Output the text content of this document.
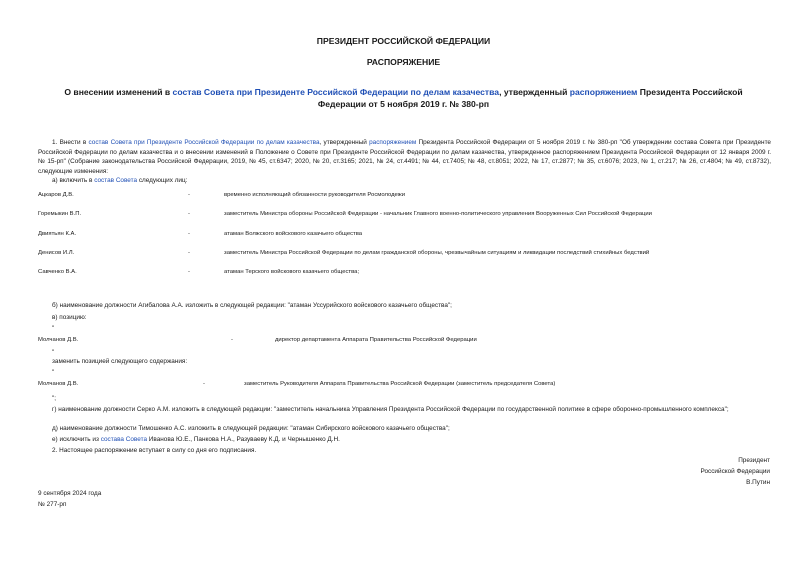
ПРЕЗИДЕНТ РОССИЙСКОЙ ФЕДЕРАЦИИ
РАСПОРЯЖЕНИЕ
О внесении изменений в состав Совета при Президенте Российской Федерации по делам казачества, утвержденный распоряжением Президента Российской Федерации от 5 ноября 2019 г. № 380-рп
1. Внести в состав Совета при Президенте Российской Федерации по делам казачества, утвержденный распоряжением Президента Российской Федерации от 5 ноября 2019 г. № 380-рп "Об утверждении состава Совета при Президенте Российской Федерации по делам казачества и о внесении изменений в Положение о Совете при Президенте Российской Федерации по делам казачества, утвержденное распоряжением Президента Российской Федерации от 12 января 2009 г. № 15-рп" (Собрание законодательства Российской Федерации, 2019, № 45, ст.6347; 2020, № 20, ст.3165; 2021, № 24, ст.4491; № 44, ст.7405; № 48, ст.8051; 2022, № 17, ст.2877; № 35, ст.6076; 2023, № 1, ст.217; № 26, ст.4804; № 49, ст.8732), следующие изменения:
а) включить в состав Совета следующих лиц:
Ацкаров Д.В.	-	временно исполняющий обязанности руководителя Росмолодежи
Горемыкин В.П.	-	заместитель Министра обороны Российской Федерации - начальник Главного военно-политического управления Вооруженных Сил Российской Федерации
Двиятьян К.А.	-	атаман Волжского войскового казачьего общества
Денисов И.Л.	-	заместитель Министра Российской Федерации по делам гражданской обороны, чрезвычайным ситуациям и ликвидации последствий стихийных бедствий
Савченко В.А.	-	атаман Терского войскового казачьего общества;
б) наименование должности Агибалова А.А. изложить в следующей редакции: "атаман Уссурийского войскового казачьего общества";
в) позицию:
"
Молчанов Д.В.	-	директор департамента Аппарата Правительства Российской Федерации
"
заменить позицией следующего содержания:
"
Молчанов Д.В.	-	заместитель Руководителя Аппарата Правительства Российской Федерации (заместитель председателя Совета)
";
г) наименование должности Серко А.М. изложить в следующей редакции: "заместитель начальника Управления Президента Российской Федерации по государственной политике в сфере оборонно-промышленного комплекса";
д) наименование должности Тимошенко А.С. изложить в следующей редакции: "атаман Сибирского войскового казачьего общества";
е) исключить из состава Совета Иванова Ю.Е., Панкова Н.А., Разуваеву К.Д. и Чернышенко Д.Н.
2. Настоящее распоряжение вступает в силу со дня его подписания.
Президент
Российской Федерации
В.Путин
9 сентября 2024 года
№ 277-рп
